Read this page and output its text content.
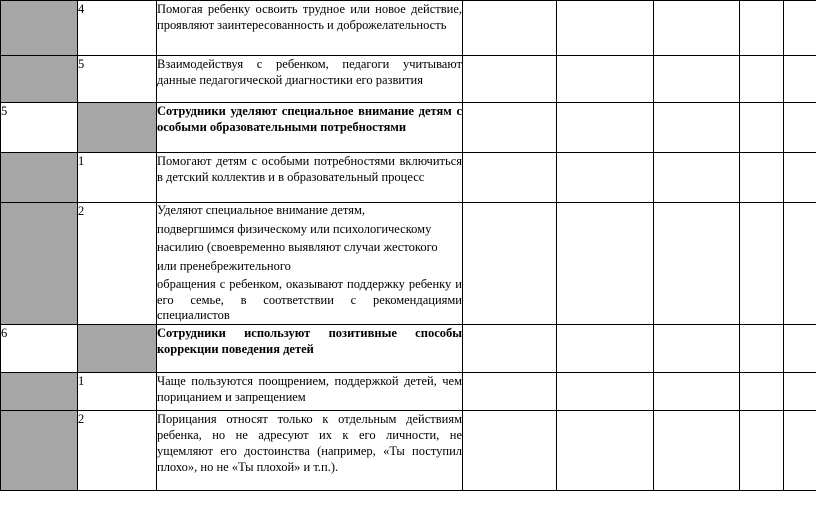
	4	Помогая ребенку освоить трудное или новое действие, проявляют заинтересованность и доброжелательность					
	5	Взаимодействуя с ребенком, педагоги учитывают данные педагогической диагностики его развития					
5		Сотрудники уделяют специальное внимание детям с особыми образовательными потребностями					
	1	Помогают детям с особыми потребностями включиться в детский коллектив и в образовательный процесс					
	2	Уделяют специальное внимание детям,
подвергшимся физическому или психологическому
насилию (своевременно выявляют случаи жестокого
или пренебрежительного
обращения с ребенком, оказывают поддержку ребенку и его семье, в соответствии с рекомендациями специалистов					

6		Сотрудники используют позитивные способы коррекции поведения детей					
	1	Чаще пользуются поощрением, поддержкой детей, чем порицанием и запрещением					
	2	Порицания относят только к отдельным действиям ребенка, но не адресуют их к его личности, не ущемляют его достоинства (например, «Ты поступил плохо», но не «Ты плохой» и т.п.).					
